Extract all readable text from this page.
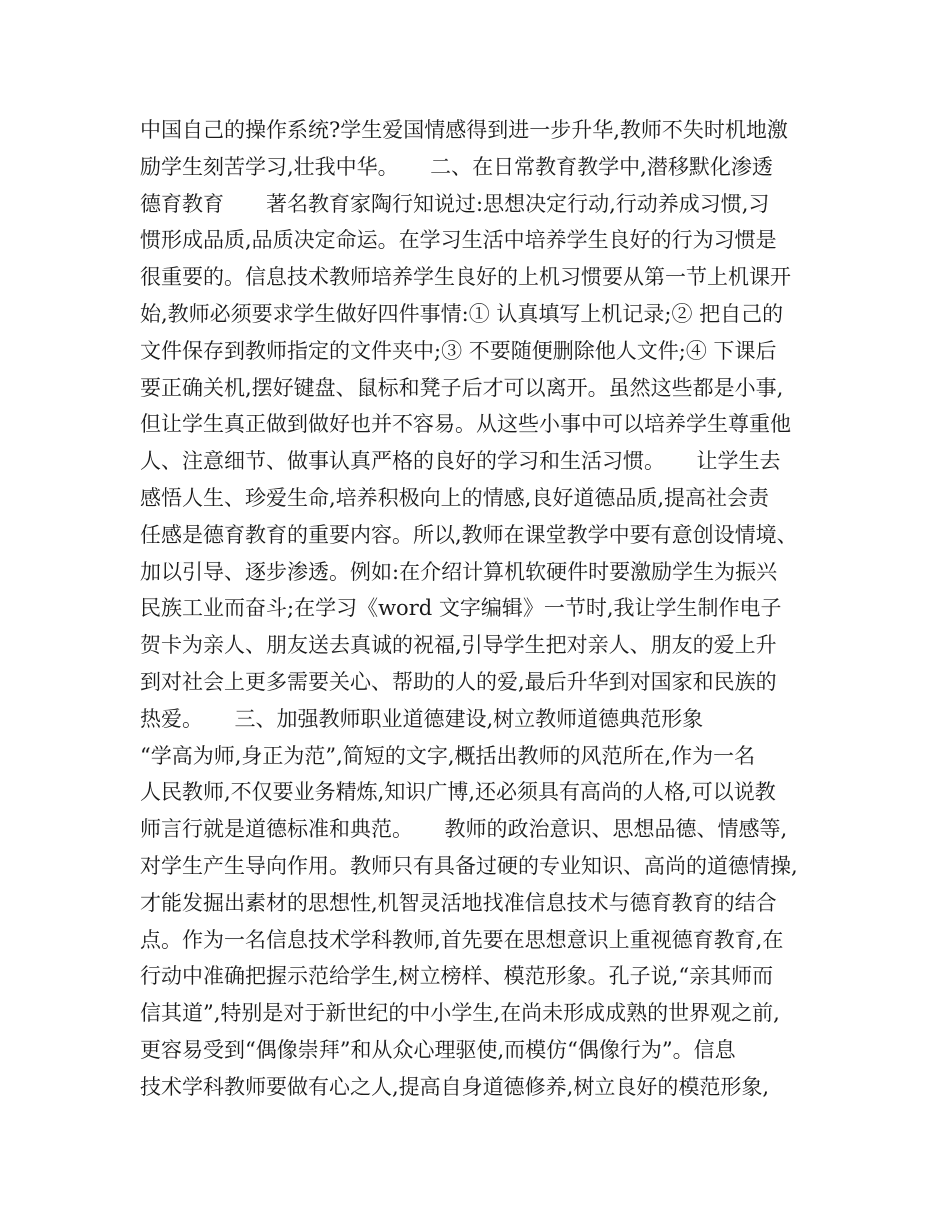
中国自己的操作系统?学生爱国情感得到进一步升华,教师不失时机地激
励学生刻苦学习,壮我中华。　　二、在日常教育教学中,潜移默化渗透
德育教育　　著名教育家陶行知说过:思想决定行动,行动养成习惯,习
惯形成品质,品质决定命运。在学习生活中培养学生良好的行为习惯是
很重要的。信息技术教师培养学生良好的上机习惯要从第一节上机课开
始,教师必须要求学生做好四件事情:① 认真填写上机记录;② 把自己的
文件保存到教师指定的文件夹中;③ 不要随便删除他人文件;④ 下课后
要正确关机,摆好键盘、鼠标和凳子后才可以离开。虽然这些都是小事,
但让学生真正做到做好也并不容易。从这些小事中可以培养学生尊重他
人、注意细节、做事认真严格的良好的学习和生活习惯。　　让学生去
感悟人生、珍爱生命,培养积极向上的情感,良好道德品质,提高社会责
任感是德育教育的重要内容。所以,教师在课堂教学中要有意创设情境、
加以引导、逐步渗透。例如:在介绍计算机软硬件时要激励学生为振兴
民族工业而奋斗;在学习《word 文字编辑》一节时,我让学生制作电子
贺卡为亲人、朋友送去真诚的祝福,引导学生把对亲人、朋友的爱上升
到对社会上更多需要关心、帮助的人的爱,最后升华到对国家和民族的
热爱。　　三、加强教师职业道德建设,树立教师道德典范形象
“学高为师,身正为范”,简短的文字,概括出教师的风范所在,作为一名
人民教师,不仅要业务精炼,知识广博,还必须具有高尚的人格,可以说教
师言行就是道德标准和典范。　　教师的政治意识、思想品德、情感等,
对学生产生导向作用。教师只有具备过硬的专业知识、高尚的道德情操,
才能发掘出素材的思想性,机智灵活地找准信息技术与德育教育的结合
点。作为一名信息技术学科教师,首先要在思想意识上重视德育教育,在
行动中准确把握示范给学生,树立榜样、模范形象。孔子说,“亲其师而
信其道”,特别是对于新世纪的中小学生,在尚未形成成熟的世界观之前,
更容易受到“偶像崇拜”和从众心理驱使,而模仿“偶像行为”。信息
技术学科教师要做有心之人,提高自身道德修养,树立良好的模范形象,
